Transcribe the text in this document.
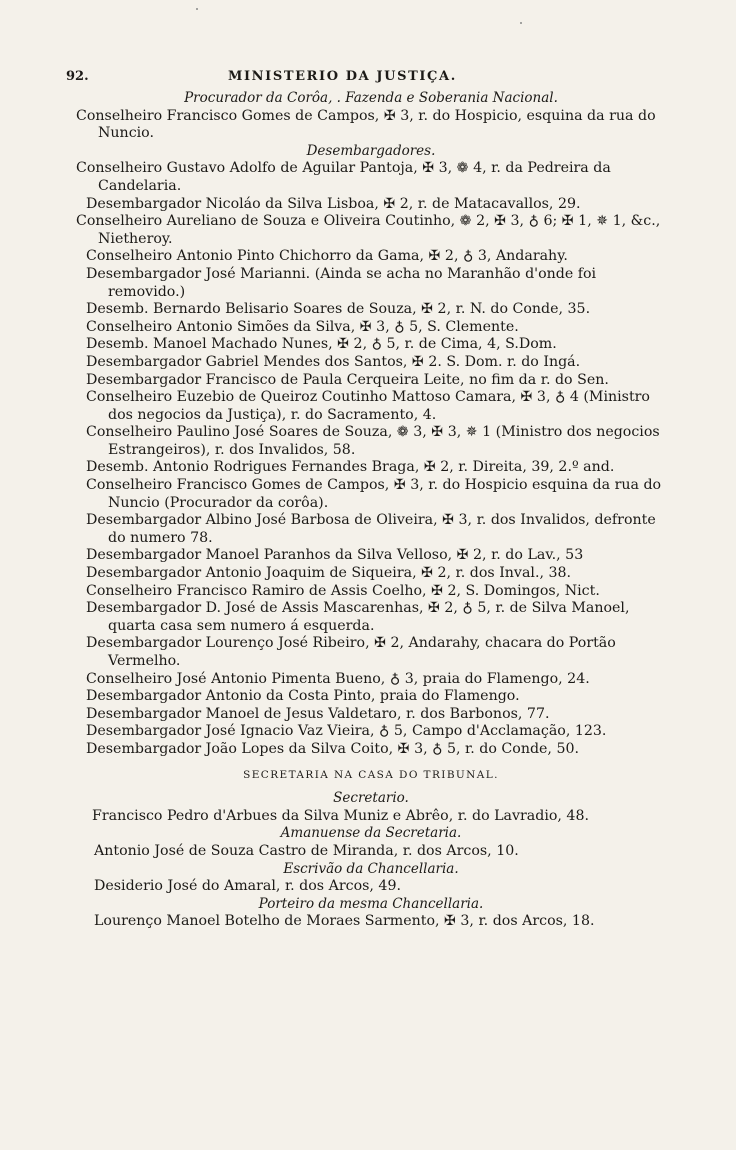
92.	MINISTERIO DA JUSTIÇA.
Procurador da Corôa, . Fazenda e Soberania Nacional.

Conselheiro Francisco Gomes de Campos, ✠ 3, r. do Hospicio, esquina da rua do Nuncio.

Desembargadores.

Conselheiro Gustavo Adolfo de Aguilar Pantoja, ✠ 3, ❁ 4, r. da Pedreira da Candelaria.

Desembargador Nicoláo da Silva Lisboa, ✠ 2, r. de Matacavallos, 29.

Conselheiro Aureliano de Souza e Oliveira Coutinho, ❁ 2, ✠ 3, ♁ 6; ✠ 1, ✵ 1, &c., Nietheroy.

Conselheiro Antonio Pinto Chichorro da Gama, ✠ 2, ♁ 3, Andarahy.

Desembargador José Marianni. (Ainda se acha no Maranhão d'onde foi removido.)

Desemb. Bernardo Belisario Soares de Souza, ✠ 2, r. N. do Conde, 35.

Conselheiro Antonio Simões da Silva, ✠ 3, ♁ 5, S. Clemente.

Desemb. Manoel Machado Nunes, ✠ 2, ♁ 5, r. de Cima, 4, S.Dom.

Desembargador Gabriel Mendes dos Santos, ✠ 2. S. Dom. r. do Ingá.

Desembargador Francisco de Paula Cerqueira Leite, no fim da r. do Sen.

Conselheiro Euzebio de Queiroz Coutinho Mattoso Camara, ✠ 3, ♁ 4 (Ministro dos negocios da Justiça), r. do Sacramento, 4.

Conselheiro Paulino José Soares de Souza, ❁ 3, ✠ 3, ✵ 1 (Ministro dos negocios Estrangeiros), r. dos Invalidos, 58.

Desemb. Antonio Rodrigues Fernandes Braga, ✠ 2, r. Direita, 39, 2.º and.

Conselheiro Francisco Gomes de Campos, ✠ 3, r. do Hospicio esquina da rua do Nuncio (Procurador da corôa).

Desembargador Albino José Barbosa de Oliveira, ✠ 3, r. dos Invalidos, defronte do numero 78.

Desembargador Manoel Paranhos da Silva Velloso, ✠ 2, r. do Lav., 53

Desembargador Antonio Joaquim de Siqueira, ✠ 2, r. dos Inval., 38.

Conselheiro Francisco Ramiro de Assis Coelho, ✠ 2, S. Domingos, Nict.

Desembargador D. José de Assis Mascarenhas, ✠ 2, ♁ 5, r. de Silva Manoel, quarta casa sem numero á esquerda.

Desembargador Lourenço José Ribeiro, ✠ 2, Andarahy, chacara do Portão Vermelho.

Conselheiro José Antonio Pimenta Bueno, ♁ 3, praia do Flamengo, 24.

Desembargador Antonio da Costa Pinto, praia do Flamengo.

Desembargador Manoel de Jesus Valdetaro, r. dos Barbonos, 77.

Desembargador José Ignacio Vaz Vieira, ♁ 5, Campo d'Acclamação, 123.

Desembargador João Lopes da Silva Coito, ✠ 3, ♁ 5, r. do Conde, 50.

SECRETARIA NA CASA DO TRIBUNAL.
Secretario.

Francisco Pedro d'Arbues da Silva Muniz e Abrêo, r. do Lavradio, 48.

Amanuense da Secretaria.

Antonio José de Souza Castro de Miranda, r. dos Arcos, 10.

Escrivão da Chancellaria.

Desiderio José do Amaral, r. dos Arcos, 49.

Porteiro da mesma Chancellaria.

Lourenço Manoel Botelho de Moraes Sarmento, ✠ 3, r. dos Arcos, 18.
